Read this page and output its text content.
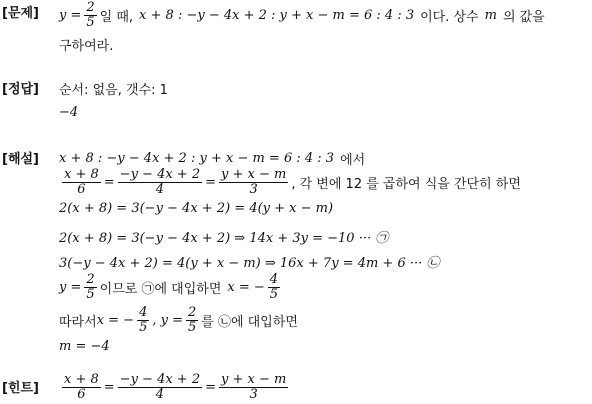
[문제] $y = \frac{2}{5}$ 일 때, x + 8 : −y − 4x + 2 : y + x − m = 6 : 4 : 3 이다. 상수 m 의 값을
구하여라.
[정답] 순서: 없음, 갯수: 1
−4
[해설] x + 8 : −y − 4x + 2 : y + x − m = 6 : 4 : 3 에서
$\frac{x + 8}{6} = \frac{-y - 4x + 2}{4} = \frac{y + x - m}{3}$ , 각 변에 12 를 곱하여 식을 간단히 하면
2(x + 8) = 3(−y − 4x + 2) = 4(y + x − m)
2(x + 8) = 3(−y − 4x + 2) ⇒ 14x + 3y = −10 ··· ㉠
3(−y − 4x + 2) = 4(y + x − m) ⇒ 16x + 7y = 4m + 6 ··· ㉡
$y = \frac{2}{5}$ 이므로 ㉠에 대입하면 x = − $\frac{4}{5}$
따라서 x = − $\frac{4}{5}$ , $y = \frac{2}{5}$ 를 ㉡에 대입하면
m = −4
[힌트] $\frac{x + 8}{6} = \frac{-y - 4x + 2}{4} = \frac{y + x - m}{3}$
